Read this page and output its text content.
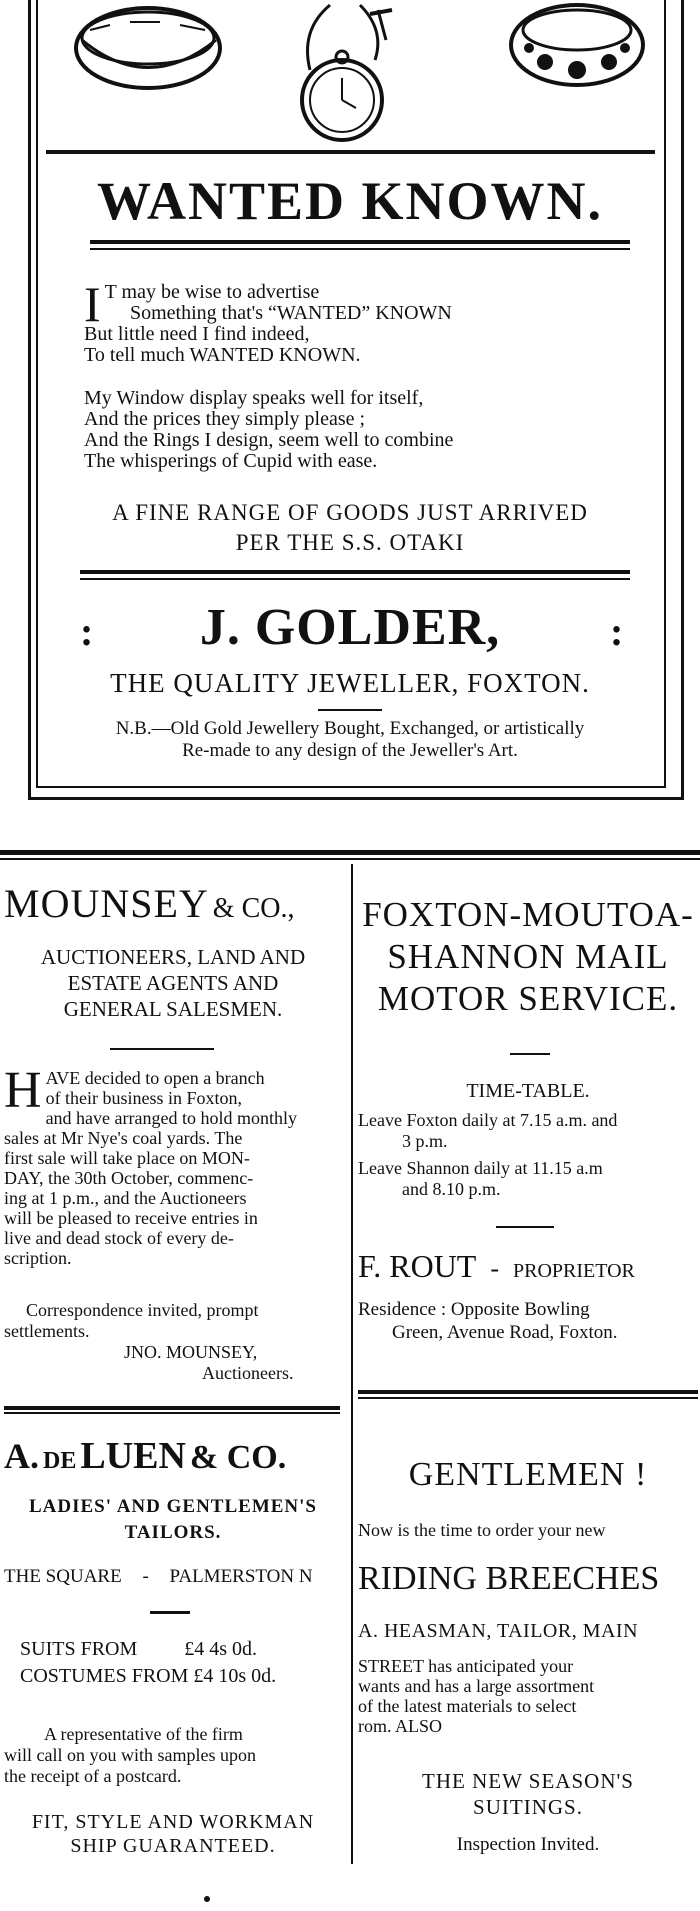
WANTED KNOWN.
I T may be wise to advertise
Something that's “WANTED” KNOWN
But little need I find indeed,
To tell much WANTED KNOWN.
My Window display speaks well for itself,
And the prices they simply please ;
And the Rings I design, seem well to combine
The whisperings of Cupid with ease.
A FINE RANGE OF GOODS JUST ARRIVED
PER THE S.S. OTAKI
:	J. GOLDER,	:
THE QUALITY JEWELLER, FOXTON.
N.B.—Old Gold Jewellery Bought, Exchanged, or artistically
Re-made to any design of the Jeweller's Art.
MOUNSEY & CO.,
AUCTIONEERS, LAND AND
ESTATE AGENTS AND
GENERAL SALESMEN.
H AVE decided to open a branch
of their business in Foxton,
and have arranged to hold monthly
sales at Mr Nye's coal yards. The
first sale will take place on MON-
DAY, the 30th October, commenc-
ing at 1 p.m., and the Auctioneers
will be pleased to receive entries in
live and dead stock of every de-
scription.
Correspondence invited, prompt
settlements.
JNO. MOUNSEY,
Auctioneers.
FOXTON-MOUTOA-
SHANNON MAIL
MOTOR SERVICE.
TIME-TABLE.
Leave Foxton daily at 7.15 a.m. and
3 p.m.
Leave Shannon daily at 11.15 a.m
and 8.10 p.m.
F. ROUT - PROPRIETOR
Residence : Opposite Bowling
Green, Avenue Road, Foxton.
A. DE LUEN & CO.
LADIES' AND GENTLEMEN'S
TAILORS.
THE SQUARE - PALMERSTON N
SUITS FROM £4 4s 0d.
COSTUMES FROM £4 10s 0d.
A representative of the firm
will call on you with samples upon
the receipt of a postcard.
FIT, STYLE AND WORKMAN
SHIP GUARANTEED.
GENTLEMEN !
Now is the time to order your new
RIDING BREECHES
A. HEASMAN, TAILOR, MAIN
STREET has anticipated your
wants and has a large assortment
of the latest materials to select
rom. ALSO
THE NEW SEASON'S
SUITINGS.
Inspection Invited.
